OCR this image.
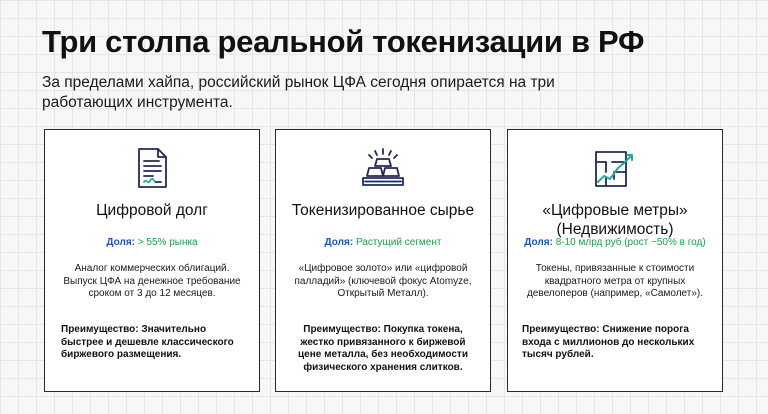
Три столпа реальной токенизации в РФ
За пределами хайпа, российский рынок ЦФА сегодня опирается на три работающих инструмента.
Цифровой долг
Доля: > 55% рынка
Аналог коммерческих облигаций. Выпуск ЦФА на денежное требование сроком от 3 до 12 месяцев.
Преимущество: Значительно быстрее и дешевле классического биржевого размещения.
Токенизированное сырье
Доля: Растущий сегмент
«Цифровое золото» или «цифровой палладий» (ключевой фокус Atomyze, Открытый Металл).
Преимущество: Покупка токена, жестко привязанного к биржевой цене металла, без необходимости физического хранения слитков.
«Цифровые метры» (Недвижимость)
Доля: 8-10 млрд руб (рост ~50% в год)
Токены, привязанные к стоимости квадратного метра от крупных девелоперов (например, «Самолет»).
Преимущество: Снижение порога входа с миллионов до нескольких тысяч рублей.
